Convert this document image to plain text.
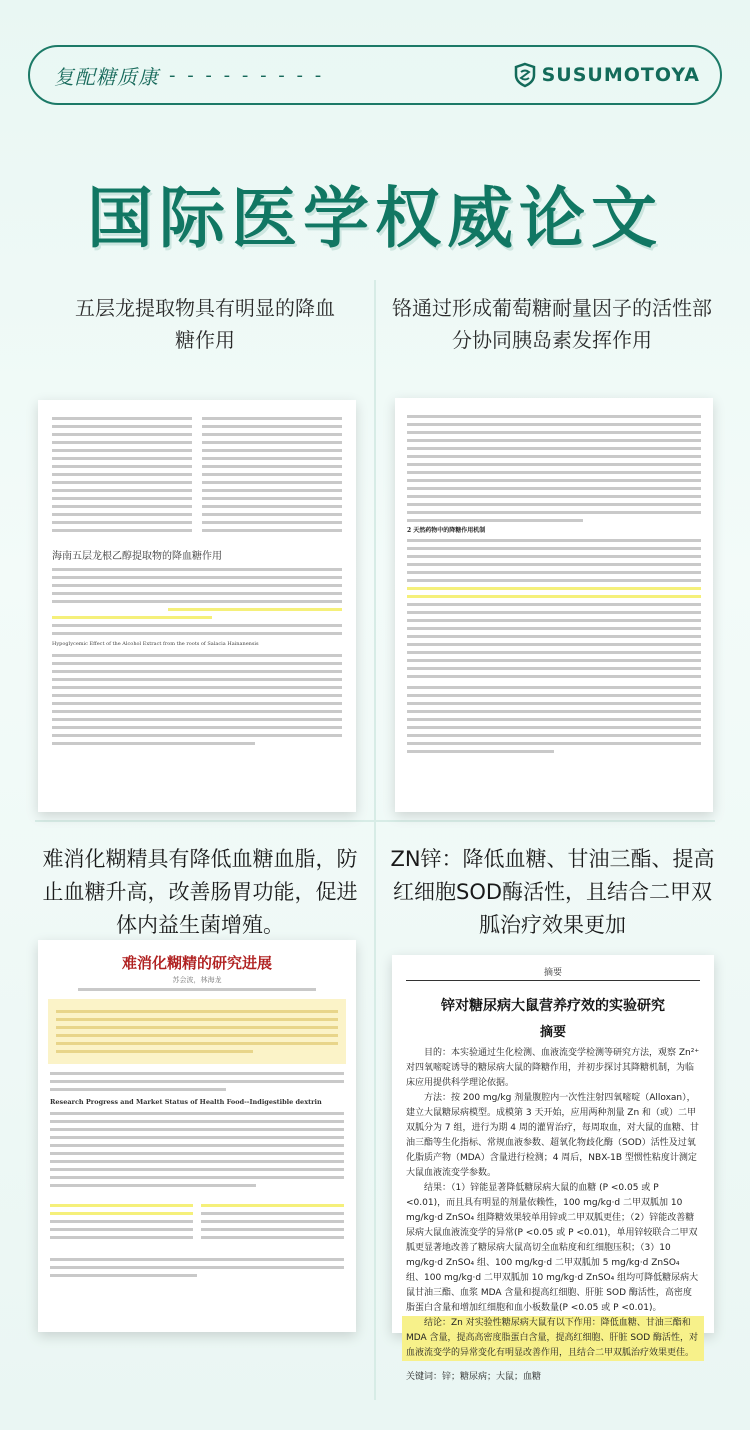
复配糖质康 - - - - - - - - -	SUSUMOTOYA
国际医学权威论文
五层龙提取物具有明显的降血糖作用
铬通过形成葡萄糖耐量因子的活性部分协同胰岛素发挥作用
难消化糊精具有降低血糖血脂，防止血糖升高，改善肠胃功能，促进体内益生菌增殖。
ZN锌：降低血糖、甘油三酯、提高红细胞SOD酶活性，且结合二甲双胍治疗效果更加
海南五层龙根乙醇提取物的降血糖作用
Hypoglycemic Effect of the Alcohol Extract from the roots of Salacia Hainanensis
2 天然药物中的降糖作用机制
难消化糊精的研究进展
苏会波，林海龙
Research Progress and Market Status of Health Food--Indigestible dextrin
摘要
锌对糖尿病大鼠营养疗效的实验研究
摘要
目的：本实验通过生化检测、血液流变学检测等研究方法，观察 Zn²⁺对四氧嘧啶诱导的糖尿病大鼠的降糖作用，并初步探讨其降糖机制，为临床应用提供科学理论依据。
方法：按 200 mg/kg 剂量腹腔内一次性注射四氧嘧啶（Alloxan），建立大鼠糖尿病模型。成模第 3 天开始，应用两种剂量 Zn 和（或）二甲双胍分为 7 组，进行为期 4 周的灌胃治疗，每周取血，对大鼠的血糖、甘油三酯等生化指标、常规血液参数、超氧化物歧化酶（SOD）活性及过氧化脂质产物（MDA）含量进行检测；4 周后，NBX-1B 型惯性粘度计测定大鼠血液流变学参数。
结果：（1）锌能显著降低糖尿病大鼠的血糖 (P <0.05 或 P <0.01)，而且具有明显的剂量依赖性，100 mg/kg·d 二甲双胍加 10 mg/kg·d ZnSO₄ 组降糖效果较单用锌或二甲双胍更佳；（2）锌能改善糖尿病大鼠血液流变学的异常(P <0.05 或 P <0.01)，单用锌较联合二甲双胍更显著地改善了糖尿病大鼠高切全血粘度和红细胞压积；（3）10 mg/kg·d ZnSO₄ 组、100 mg/kg·d 二甲双胍加 5 mg/kg·d ZnSO₄ 组、100 mg/kg·d 二甲双胍加 10 mg/kg·d ZnSO₄ 组均可降低糖尿病大鼠甘油三酯、血浆 MDA 含量和提高红细胞、肝脏 SOD 酶活性，高密度脂蛋白含量和增加红细胞和血小板数量(P <0.05 或 P <0.01)。
结论：Zn 对实验性糖尿病大鼠有以下作用：降低血糖、甘油三酯和 MDA 含量，提高高密度脂蛋白含量，提高红细胞、肝脏 SOD 酶活性，对血液流变学的异常变化有明显改善作用，且结合二甲双胍治疗效果更佳。
关键词：锌；糖尿病；大鼠；血糖
